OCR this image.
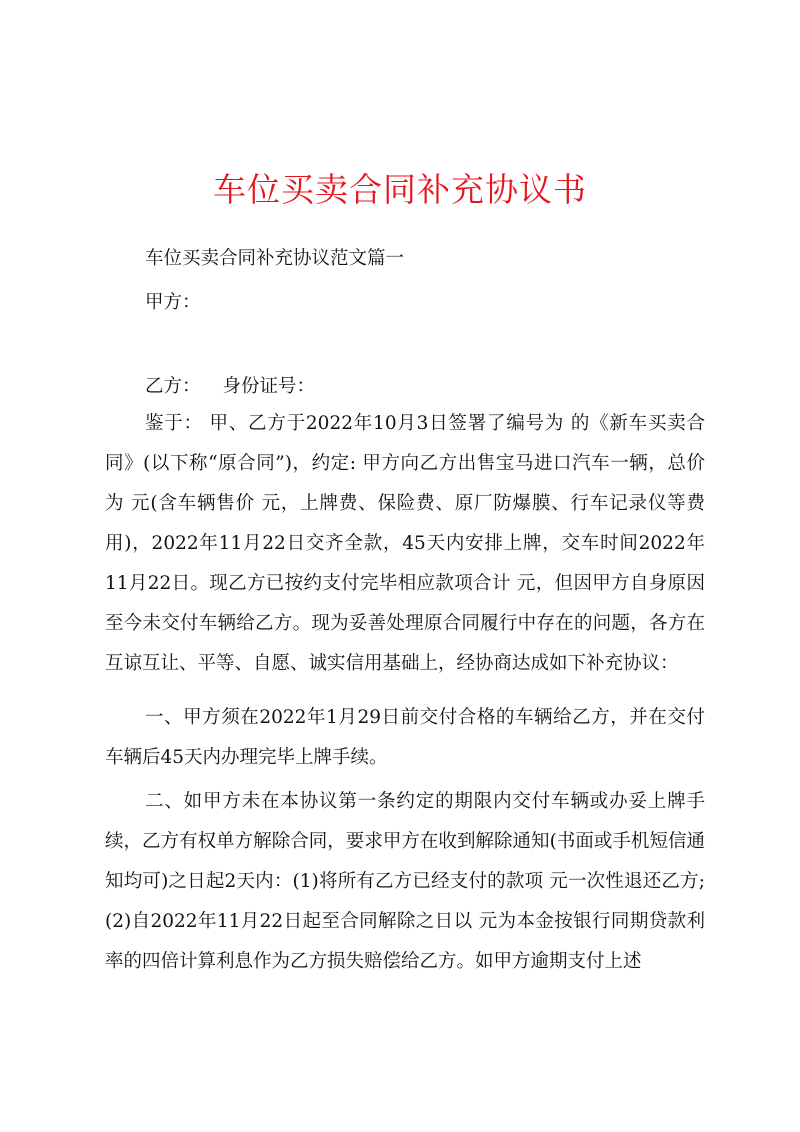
车位买卖合同补充协议书

车位买卖合同补充协议范文篇一

甲方：

乙方： 身份证号：

鉴于： 甲、乙方于2022年10月3日签署了编号为 的《新车买卖合同》(以下称“原合同”)，约定: 甲方向乙方出售宝马进口汽车一辆，总价为 元(含车辆售价 元，上牌费、保险费、原厂防爆膜、行车记录仪等费用)，2022年11月22日交齐全款，45天内安排上牌，交车时间2022年11月22日。现乙方已按约支付完毕相应款项合计 元，但因甲方自身原因至今未交付车辆给乙方。现为妥善处理原合同履行中存在的问题，各方在互谅互让、平等、自愿、诚实信用基础上，经协商达成如下补充协议：

一、甲方须在2022年1月29日前交付合格的车辆给乙方，并在交付车辆后45天内办理完毕上牌手续。

二、如甲方未在本协议第一条约定的期限内交付车辆或办妥上牌手续，乙方有权单方解除合同，要求甲方在收到解除通知(书面或手机短信通知均可)之日起2天内：(1)将所有乙方已经支付的款项 元一次性退还乙方;(2)自2022年11月22日起至合同解除之日以 元为本金按银行同期贷款利率的四倍计算利息作为乙方损失赔偿给乙方。如甲方逾期支付上述
